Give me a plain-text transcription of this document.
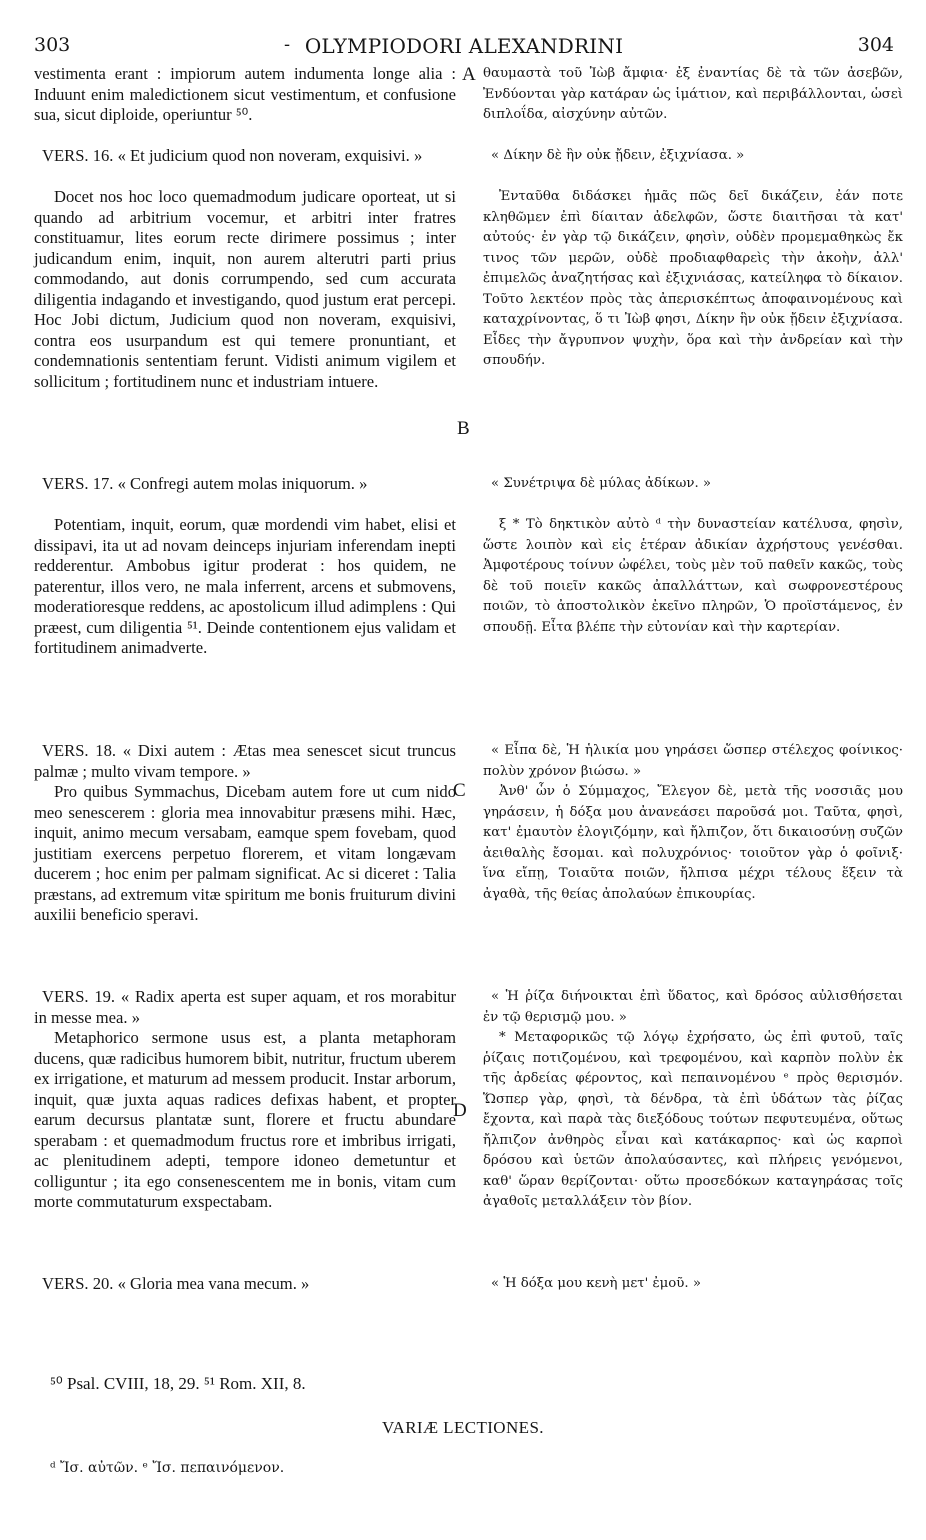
303	- OLYMPIODORI ALEXANDRINI	304
A
B
C
D

vestimenta erant : impiorum autem indumenta longe alia : Induunt enim maledictionem sicut vestimentum, et confusione sua, sicut diploide, operiuntur ⁵⁰.

VERS. 16. « Et judicium quod non noveram, exquisivi. »

Docet nos hoc loco quemadmodum judicare oporteat, ut si quando ad arbitrium vocemur, et arbitri inter fratres constituamur, lites eorum recte dirimere possimus ; inter judicandum enim, inquit, non aurem alterutri parti prius commodando, aut donis corrumpendo, sed cum accurata diligentia indagando et investigando, quod justum erat percepi. Hoc Jobi dictum, Judicium quod non noveram, exquisivi, contra eos usurpandum est qui temere pronuntiant, et condemnationis sententiam ferunt. Vidisti animum vigilem et sollicitum ; fortitudinem nunc et industriam intuere.

VERS. 17. « Confregi autem molas iniquorum. »

Potentiam, inquit, eorum, quæ mordendi vim habet, elisi et dissipavi, ita ut ad novam deinceps injuriam inferendam inepti redderentur. Ambobus igitur proderat : hos quidem, ne paterentur, illos vero, ne mala inferrent, arcens et submovens, moderatioresque reddens, ac apostolicum illud adimplens : Qui præest, cum diligentia ⁵¹. Deinde contentionem ejus validam et fortitudinem animadverte.

VERS. 18. « Dixi autem : Ætas mea senescet sicut truncus palmæ ; multo vivam tempore. »

Pro quibus Symmachus, Dicebam autem fore ut cum nido meo senescerem : gloria mea innovabitur præsens mihi. Hæc, inquit, animo mecum versabam, eamque spem fovebam, quod justitiam exercens perpetuo florerem, et vitam longævam ducerem ; hoc enim per palmam significat. Ac si diceret : Talia præstans, ad extremum vitæ spiritum me bonis fruiturum divini auxilii beneficio speravi.

VERS. 19. « Radix aperta est super aquam, et ros morabitur in messe mea. »

Metaphorico sermone usus est, a planta metaphoram ducens, quæ radicibus humorem bibit, nutritur, fructum uberem ex irrigatione, et maturum ad messem producit. Instar arborum, inquit, quæ juxta aquas radices defixas habent, et propter earum decursus plantatæ sunt, florere et fructu abundare sperabam : et quemadmodum fructus rore et imbribus irrigati, ac plenitudinem adepti, tempore idoneo demetuntur et colliguntur ; ita ego consenescentem me in bonis, vitam cum morte commutaturum exspectabam.

VERS. 20. « Gloria mea vana mecum. »

θαυμαστὰ τοῦ Ἰὼβ ἄμφια· ἐξ ἐναντίας δὲ τὰ τῶν ἀσεβῶν, Ἐνδύονται γὰρ κατάραν ὡς ἱμάτιον, καὶ περιβάλλονται, ὡσεὶ διπλοΐδα, αἰσχύνην αὐτῶν.

« Δίκην δὲ ἣν οὐκ ᾔδειν, ἐξιχνίασα. »

Ἐνταῦθα διδάσκει ἡμᾶς πῶς δεῖ δικάζειν, ἐάν ποτε κληθῶμεν ἐπὶ δίαιταν ἀδελφῶν, ὥστε διαιτῆσαι τὰ κατ' αὐτούς· ἐν γὰρ τῷ δικάζειν, φησὶν, οὐδὲν προμεμαθηκὼς ἔκ τινος τῶν μερῶν, οὐδὲ προδιαφθαρεὶς τὴν ἀκοὴν, ἀλλ' ἐπιμελῶς ἀναζητήσας καὶ ἐξιχνιάσας, κατείληφα τὸ δίκαιον. Τοῦτο λεκτέον πρὸς τὰς ἀπερισκέπτως ἀποφαινομένους καὶ καταχρίνοντας, ὅ τι Ἰὼβ φησι, Δίκην ἣν οὐκ ᾔδειν ἐξιχνίασα. Εἶδες τὴν ἄγρυπνον ψυχὴν, ὅρα καὶ τὴν ἀνδρείαν καὶ τὴν σπουδήν.

« Συνέτριψα δὲ μύλας ἀδίκων. »

ξ * Τὸ δηκτικὸν αὐτὸ ᵈ τὴν δυναστείαν κατέλυσα, φησὶν, ὥστε λοιπὸν καὶ εἰς ἑτέραν ἀδικίαν ἀχρήστους γενέσθαι. Ἀμφοτέρους τοίνυν ὠφέλει, τοὺς μὲν τοῦ παθεῖν κακῶς, τοὺς δὲ τοῦ ποιεῖν κακῶς ἀπαλλάττων, καὶ σωφρονεστέρους ποιῶν, τὸ ἀποστολικὸν ἐκεῖνο πληρῶν, Ὁ προϊστάμενος, ἐν σπουδῇ. Εἶτα βλέπε τὴν εὐτονίαν καὶ τὴν καρτερίαν.

« Εἶπα δὲ, Ἡ ἡλικία μου γηράσει ὥσπερ στέλεχος φοίνικος· πολὺν χρόνον βιώσω. »

Ἀνθ' ὧν ὁ Σύμμαχος, Ἔλεγον δὲ, μετὰ τῆς νοσσιᾶς μου γηράσειν, ἡ δόξα μου ἀνανεάσει παροῦσά μοι. Ταῦτα, φησὶ, κατ' ἐμαυτὸν ἐλογιζόμην, καὶ ἤλπιζον, ὅτι δικαιοσύνῃ συζῶν ἀειθαλὴς ἔσομαι. καὶ πολυχρόνιος· τοιοῦτον γὰρ ὁ φοῖνιξ· ἵνα εἴπῃ, Τοιαῦτα ποιῶν, ἤλπισα μέχρι τέλους ἕξειν τὰ ἀγαθὰ, τῆς θείας ἀπολαύων ἐπικουρίας.

« Ἡ ῥίζα διήνοικται ἐπὶ ὕδατος, καὶ δρόσος αὐλισθήσεται ἐν τῷ θερισμῷ μου. »

* Μεταφορικῶς τῷ λόγῳ ἐχρήσατο, ὡς ἐπὶ φυτοῦ, ταῖς ῥίζαις ποτιζομένου, καὶ τρεφομένου, καὶ καρπὸν πολὺν ἐκ τῆς ἀρδείας φέροντος, καὶ πεπαινομένου ᵉ πρὸς θερισμόν. Ὥσπερ γὰρ, φησὶ, τὰ δένδρα, τὰ ἐπὶ ὑδάτων τὰς ῥίζας ἔχοντα, καὶ παρὰ τὰς διεξόδους τούτων πεφυτευμένα, οὕτως ἤλπιζον ἀνθηρὸς εἶναι καὶ κατάκαρπος· καὶ ὡς καρποὶ δρόσου καὶ ὑετῶν ἀπολαύσαντες, καὶ πλήρεις γενόμενοι, καθ' ὥραν θερίζονται· οὕτω προσεδόκων καταγηράσας τοῖς ἀγαθοῖς μεταλλάξειν τὸν βίον.

« Ἡ δόξα μου κενὴ μετ' ἐμοῦ. »

⁵⁰ Psal. CVIII, 18, 29. ⁵¹ Rom. XII, 8.
VARIÆ LECTIONES.
ᵈ Ἴσ. αὐτῶν. ᵉ Ἴσ. πεπαινόμενον.
